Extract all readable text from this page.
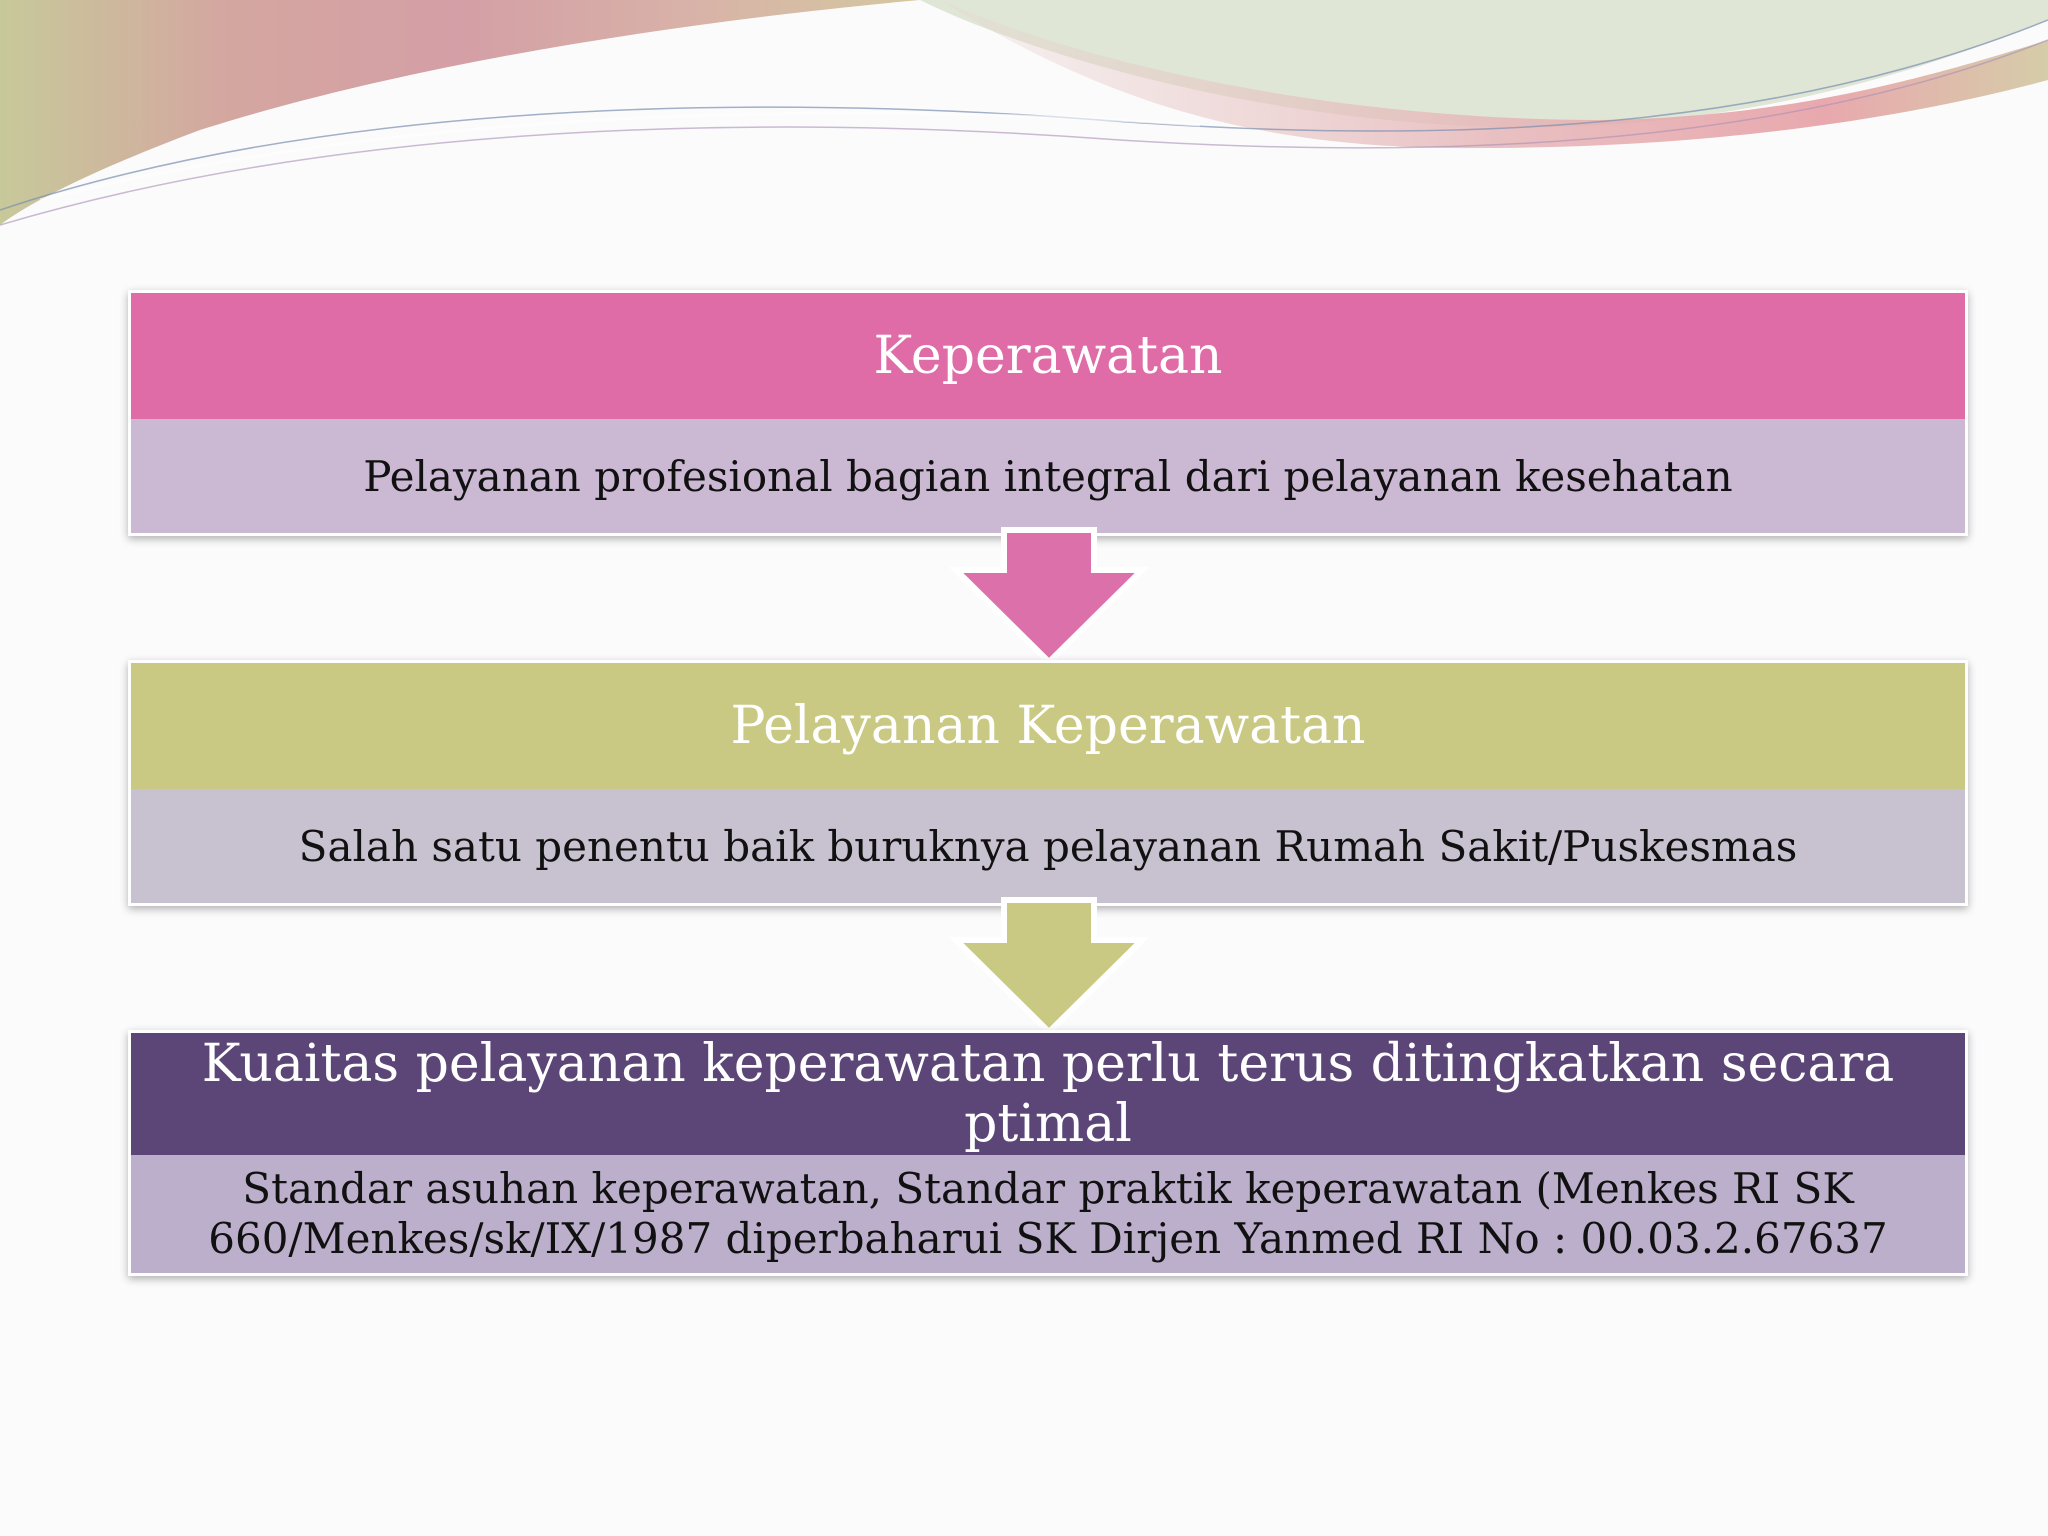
Keperawatan
Pelayanan profesional bagian integral dari pelayanan kesehatan
Pelayanan Keperawatan
Salah satu penentu baik buruknya pelayanan Rumah Sakit/Puskesmas
Kuaitas pelayanan keperawatan perlu terus ditingkatkan secara ptimal
Standar asuhan keperawatan, Standar praktik keperawatan (Menkes RI SK
660/Menkes/sk/IX/1987 diperbaharui SK Dirjen Yanmed RI No : 00.03.2.67637
